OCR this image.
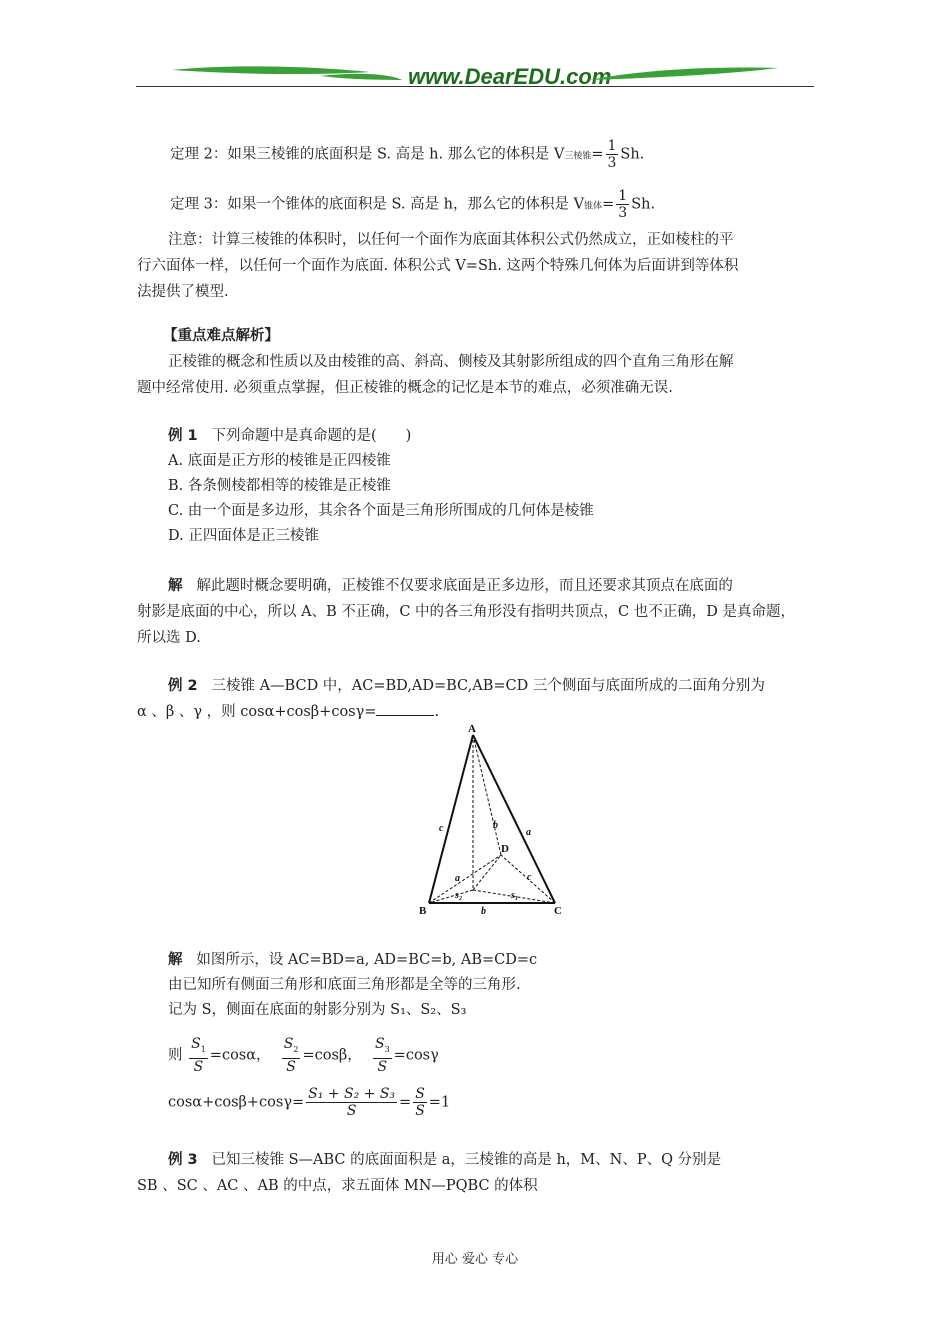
www.DearEDU.com
定理 2：如果三棱锥的底面积是 S. 高是 h. 那么它的体积是 V三棱锥= $\frac{1}{3} Sh$.
定理 3：如果一个锥体的底面积是 S. 高是 h，那么它的体积是 V锥体= $\frac{1}{3} Sh$.
注意：计算三棱锥的体积时，以任何一个面作为底面其体积公式仍然成立，正如棱柱的平
行六面体一样，以任何一个面作为底面. 体积公式 V=Sh. 这两个特殊几何体为后面讲到等体积
法提供了模型.
【重点难点解析】
正棱锥的概念和性质以及由棱锥的高、斜高、侧棱及其射影所组成的四个直角三角形在解
题中经常使用. 必须重点掌握，但正棱锥的概念的记忆是本节的难点，必须准确无误.
例 1 下列命题中是真命题的是(　　)
A. 底面是正方形的棱锥是正四棱锥
B. 各条侧棱都相等的棱锥是正棱锥
C. 由一个面是多边形，其余各个面是三角形所围成的几何体是棱锥
D. 正四面体是正三棱锥
解 解此题时概念要明确，正棱锥不仅要求底面是正多边形，而且还要求其顶点在底面的
射影是底面的中心，所以 A、B 不正确，C 中的各三角形没有指明共顶点，C 也不正确，D 是真命题，
所以选 D.
例 2 三棱锥 A—BCD 中，AC=BD,AD=BC,AB=CD 三个侧面与底面所成的二面角分别为
α 、β 、γ ，则 cosα+cosβ+cosγ=	.
A
B	C
D
c	a
b
a	c
s₂	s₁
b
解 如图所示，设 AC=BD=a, AD=BC=b, AB=CD=c
由已知所有侧面三角形和底面三角形都是全等的三角形.
记为 S，侧面在底面的射影分别为 S₁、S₂、S₃
则 $\frac{S_1}{S} =\cos\alpha$， $\frac{S_2}{S} =\cos\beta$， $\frac{S_3}{S} =\cos\gamma$
$\cos\alpha+\cos\beta+\cos\gamma= \frac{\text{S₁ + S₂ + S₃}}{S} = \frac{S}{S} =1$
例 3 已知三棱锥 S—ABC 的底面面积是 a，三棱锥的高是 h，M、N、P、Q 分别是
SB 、SC 、AC 、AB 的中点，求五面体 MN—PQBC 的体积
用心 爱心 专心
